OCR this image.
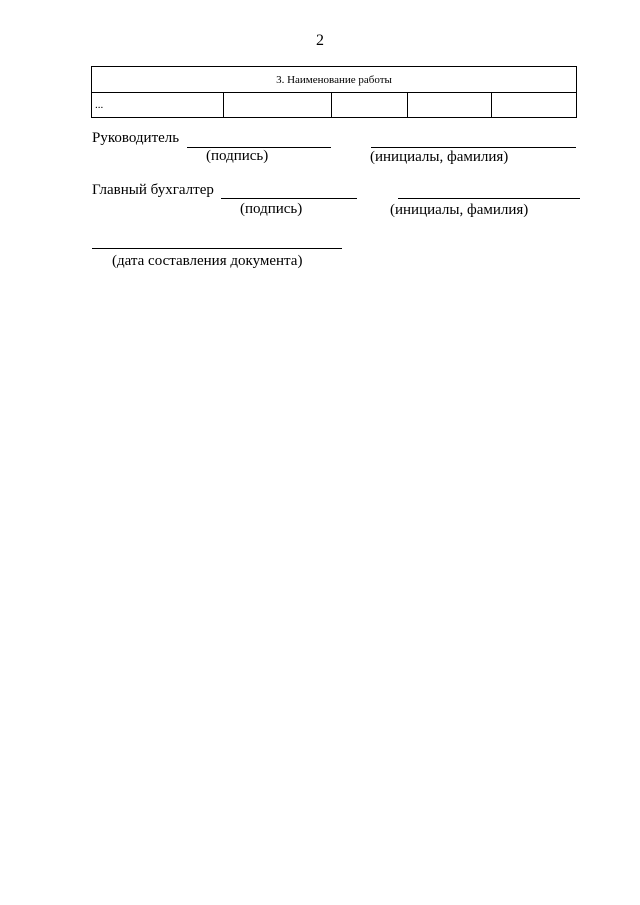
2
3. Наименование работы
...				
Руководитель
(подпись)	(инициалы, фамилия)
Главный бухгалтер
(подпись)	(инициалы, фамилия)
(дата составления документа)
